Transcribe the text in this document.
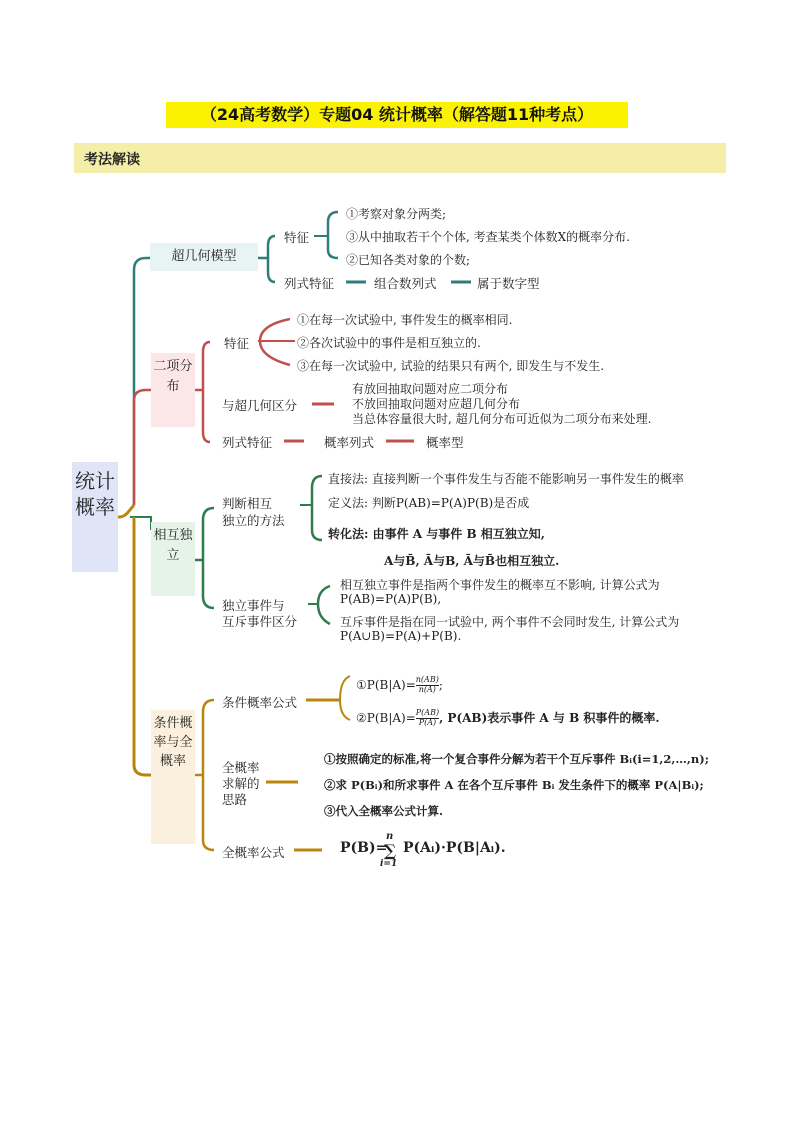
（24高考数学）专题04 统计概率（解答题11种考点）
考法解读
统计概率
超几何模型
特征
①考察对象分两类;
③从中抽取若干个个体, 考查某类个体数X的概率分布.
②已知各类对象的个数;
列式特征	组合数列式	属于数字型
二项分布
特征
①在每一次试验中, 事件发生的概率相同.
②各次试验中的事件是相互独立的.
③在每一次试验中, 试验的结果只有两个, 即发生与不发生.
与超几何区分
有放回抽取问题对应二项分布
不放回抽取问题对应超几何分布
当总体容量很大时, 超几何分布可近似为二项分布来处理.
列式特征	概率列式	概率型
相互独立
判断相互
独立的方法
直接法: 直接判断一个事件发生与否能不能影响另一事件发生的概率
定义法: 判断P(AB)=P(A)P(B)是否成
转化法: 由事件 A 与事件 B 相互独立知,
A与B̄, Ā与B, Ā与B̄也相互独立.
独立事件与
互斥事件区分
相互独立事件是指两个事件发生的概率互不影响, 计算公式为
P(AB)=P(A)P(B),
互斥事件是指在同一试验中, 两个事件不会同时发生, 计算公式为
P(A∪B)=P(A)+P(B).
条件概率与全概率
条件概率公式
①P(B|A)= $\frac{n(AB)}{n(A)}$ ;
②P(B|A)= $\frac{P(AB)}{P(A)}$ , P(AB)表示事件 A 与 B 积事件的概率.
全概率
求解的
思路
①按照确定的标准,将一个复合事件分解为若干个互斥事件 Bᵢ(i=1,2,…,n);
②求 P(Bᵢ)和所求事件 A 在各个互斥事件 Bᵢ 发生条件下的概率 P(A|Bᵢ);
③代入全概率公式计算.
全概率公式	P(B)=
n
∑
i=1
P(Aᵢ)·P(B|Aᵢ).
